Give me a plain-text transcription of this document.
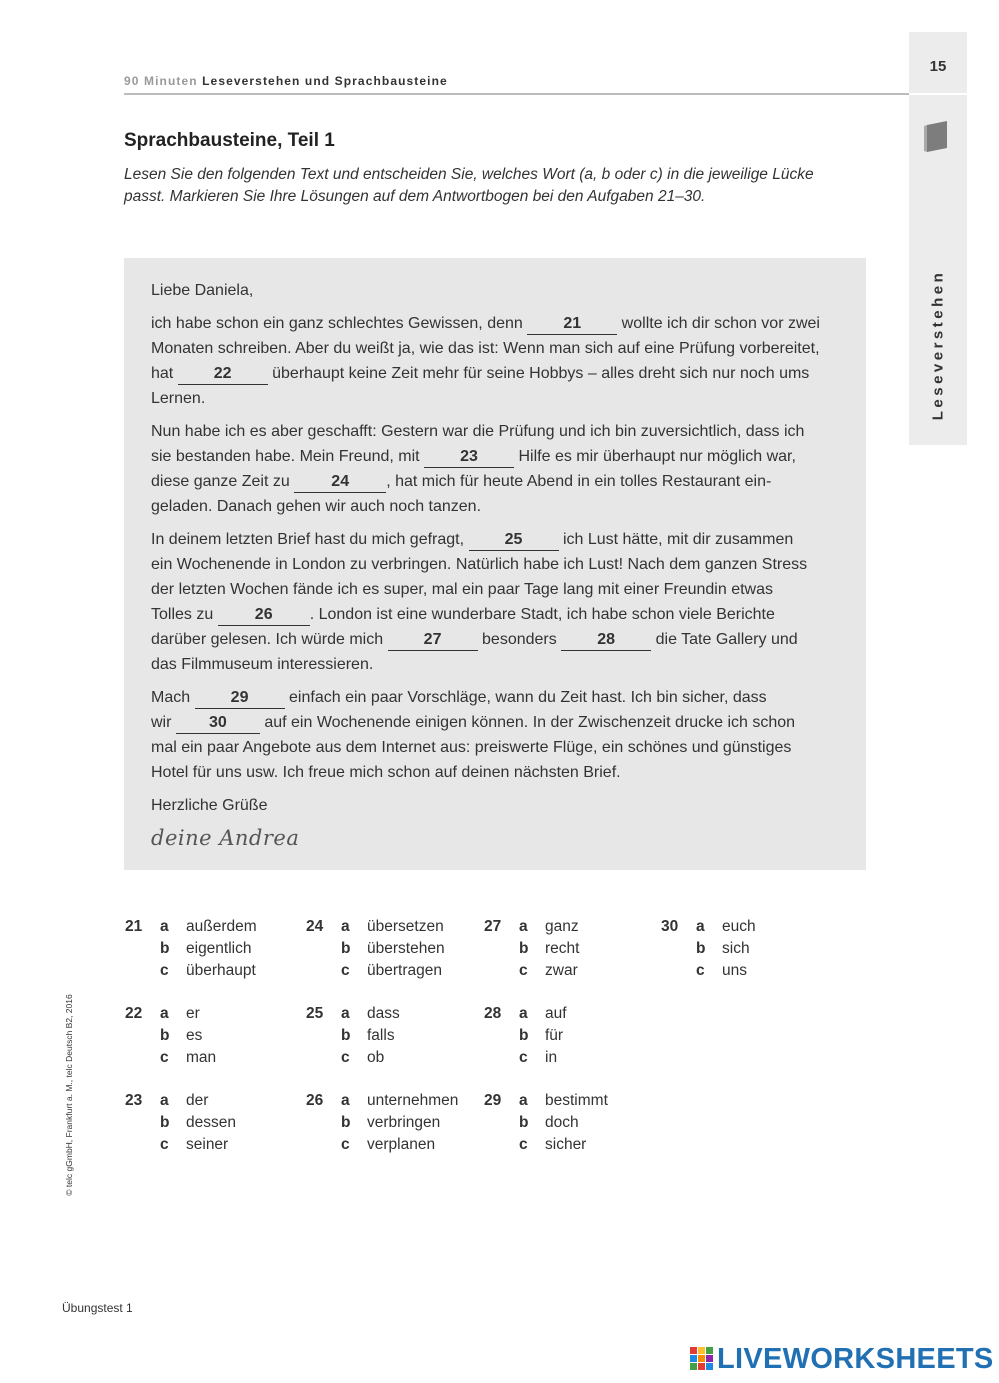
90 Minuten Leseverstehen und Sprachbausteine
15
Leseverstehen
Sprachbausteine, Teil 1
Lesen Sie den folgenden Text und entscheiden Sie, welches Wort (a, b oder c) in die jeweilige Lücke
passt. Markieren Sie Ihre Lösungen auf dem Antwortbogen bei den Aufgaben 21–30.

Liebe Daniela,

ich habe schon ein ganz schlechtes Gewissen, denn 21 wollte ich dir schon vor zwei
Monaten schreiben. Aber du weißt ja, wie das ist: Wenn man sich auf eine Prüfung vorbereitet,
hat 22 überhaupt keine Zeit mehr für seine Hobbys – alles dreht sich nur noch ums
Lernen.

Nun habe ich es aber geschafft: Gestern war die Prüfung und ich bin zuversichtlich, dass ich
sie bestanden habe. Mein Freund, mit 23 Hilfe es mir überhaupt nur möglich war,
diese ganze Zeit zu 24 , hat mich für heute Abend in ein tolles Restaurant ein-
geladen. Danach gehen wir auch noch tanzen.

In deinem letzten Brief hast du mich gefragt, 25 ich Lust hätte, mit dir zusammen
ein Wochenende in London zu verbringen. Natürlich habe ich Lust! Nach dem ganzen Stress
der letzten Wochen fände ich es super, mal ein paar Tage lang mit einer Freundin etwas
Tolles zu 26 . London ist eine wunderbare Stadt, ich habe schon viele Berichte
darüber gelesen. Ich würde mich 27 besonders 28 die Tate Gallery und
das Filmmuseum interessieren.

Mach 29 einfach ein paar Vorschläge, wann du Zeit hast. Ich bin sicher, dass
wir 30 auf ein Wochenende einigen können. In der Zwischenzeit drucke ich schon
mal ein paar Angebote aus dem Internet aus: preiswerte Flüge, ein schönes und günstiges
Hotel für uns usw. Ich freue mich schon auf deinen nächsten Brief.

Herzliche Grüße

deine Andrea
21 a außerdem
b eigentlich
c überhaupt
22 a er
b es
c man
23 a der
b dessen
c seiner
24 a übersetzen
b überstehen
c übertragen
25 a dass
b falls
c ob
26 a unternehmen
b verbringen
c verplanen
27 a ganz
b recht
c zwar
28 a auf
b für
c in
29 a bestimmt
b doch
c sicher
30 a euch
b sich
c uns
© telc gGmbH, Frankfurt a. M., telc Deutsch B2, 2016
Übungstest 1
LIVEWORKSHEETS
